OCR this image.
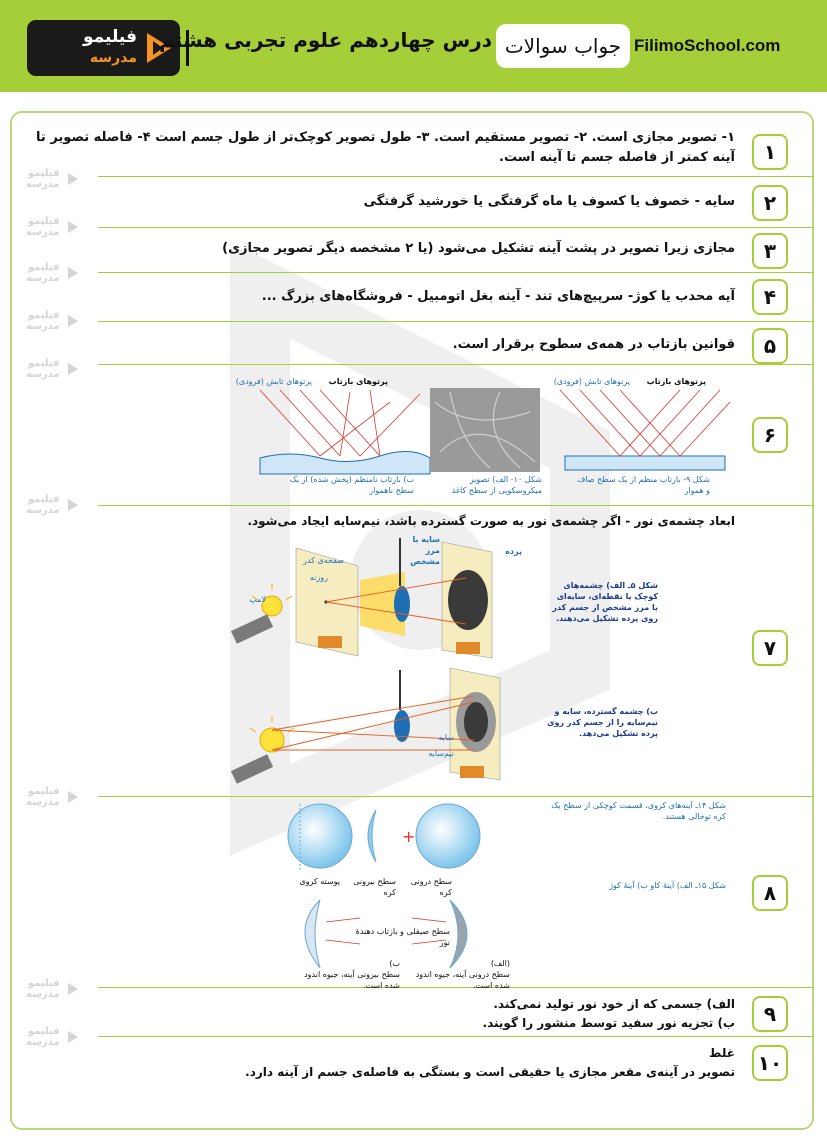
فیلیمو
مدرسه
درس چهاردهم علوم تجربی هشتم جواب سوالات FilimoSchool.com
فیلیمو
مدرسه
فیلیمو
مدرسه
فیلیمو
مدرسه
فیلیمو
مدرسه
فیلیمو
مدرسه
فیلیمو
مدرسه
فیلیمو
مدرسه
فیلیمو
مدرسه
فیلیمو
مدرسه
۱
۲
۳
۴
۵
۶
۷
۸
۹
۱۰
۱- تصویر مجازی است. ۲- تصویر مستقیم است. ۳- طول تصویر کوچک‌تر از طول جسم است ۴- فاصله تصویر تا
آینه کمتر از فاصله جسم تا آینه است.
سایه - خصوف یا کسوف یا ماه گرفتگی یا خورشید گرفتگی
مجازی زیرا تصویر در پشت آینه تشکیل می‌شود (یا ۲ مشخصه دیگر تصویر مجازی)
آیه محدب یا کوژ- سرپیچ‌های تند - آینه بغل اتومبیل - فروشگاه‌های بزرگ ...
قوانین بازتاب در همه‌ی سطوح برقرار است.
ابعاد چشمه‌ی نور - اگر چشمه‌ی نور به صورت گسترده باشد، نیم‌سایه ایجاد می‌شود.
الف) جسمی که از خود نور تولید نمی‌کند.
ب) تجزیه نور سفید توسط منشور را گویند.
غلط
تصویر در آینه‌ی مقعر مجازی یا حقیقی است و بستگی به فاصله‌ی جسم از آینه دارد.
پرتوهای تابش (فرودی)	پرتوهای بازتاب	پرتوهای تابش (فرودی)	پرتوهای بازتاب
ب) بازتاب نامنظم (پخش شده) از یک
سطح ناهموار
شکل ۱۰- الف) تصویر
میکروسکوپی از سطح کاغذ
شکل ۹- بازتاب منظم از یک سطح صاف
و هموار
سایه با مرز
مشخص
پرده
صفحه‌ی کدر
روزنه
لامپ
شکل ۵ـ الف) چشمه‌های
کوچک یا نقطه‌ای، سایه‌ای
با مرز مشخص از جسم کدر
روی پرده تشکیل می‌دهند.
ب) چشمه گسترده، سایه و
نیم‌سایه را از جسم کدر روی
پرده تشکیل می‌دهد.
سایه
نیم‌سایه
+
شکل ۱۴ـ آینه‌های کروی، قسمت کوچکی از سطح یک
کره توخالی هستند.
شکل ۱۵ـ الف) آینهٔ کاو ب) آینهٔ کوژ
پوسته کروی	سطح بیرونی کره
سطح درونی کره
سطح صیقلی و بازتاب دهندهٔ نور
ب)
سطح بیرونی آینه، جیوه اندود شده است.
(الف)
سطح درونی آینه، جیوه اندود شده است.
